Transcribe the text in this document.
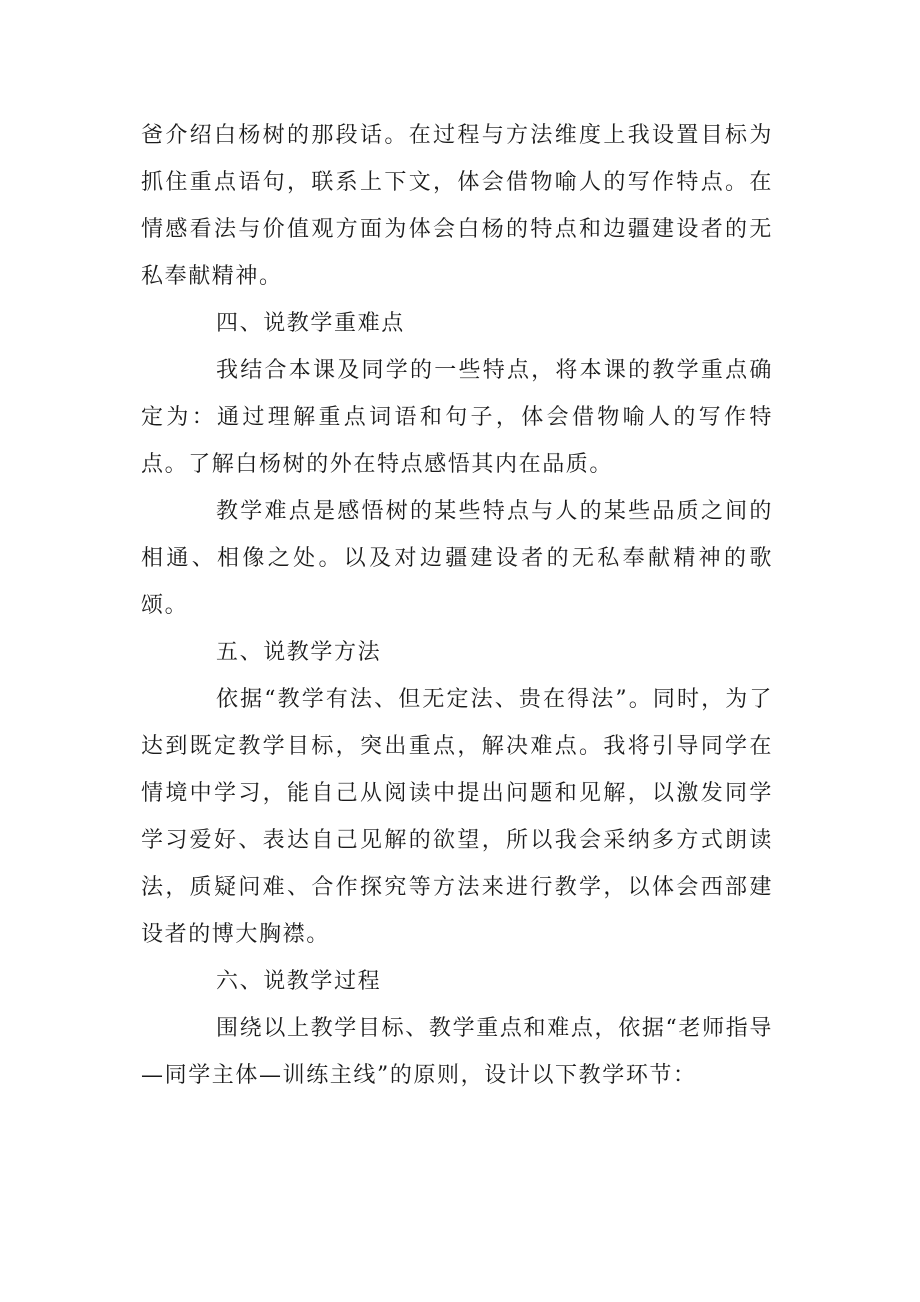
爸介绍白杨树的那段话。在过程与方法维度上我设置目标为抓住重点语句，联系上下文，体会借物喻人的写作特点。在情感看法与价值观方面为体会白杨的特点和边疆建设者的无私奉献精神。

四、说教学重难点

我结合本课及同学的一些特点，将本课的教学重点确定为：通过理解重点词语和句子，体会借物喻人的写作特点。了解白杨树的外在特点感悟其内在品质。

教学难点是感悟树的某些特点与人的某些品质之间的相通、相像之处。以及对边疆建设者的无私奉献精神的歌颂。

五、说教学方法

依据“教学有法、但无定法、贵在得法”。同时，为了达到既定教学目标，突出重点，解决难点。我将引导同学在情境中学习，能自己从阅读中提出问题和见解，以激发同学学习爱好、表达自己见解的欲望，所以我会采纳多方式朗读法，质疑问难、合作探究等方法来进行教学，以体会西部建设者的博大胸襟。

六、说教学过程

围绕以上教学目标、教学重点和难点，依据“老师指导—同学主体—训练主线”的原则，设计以下教学环节：
